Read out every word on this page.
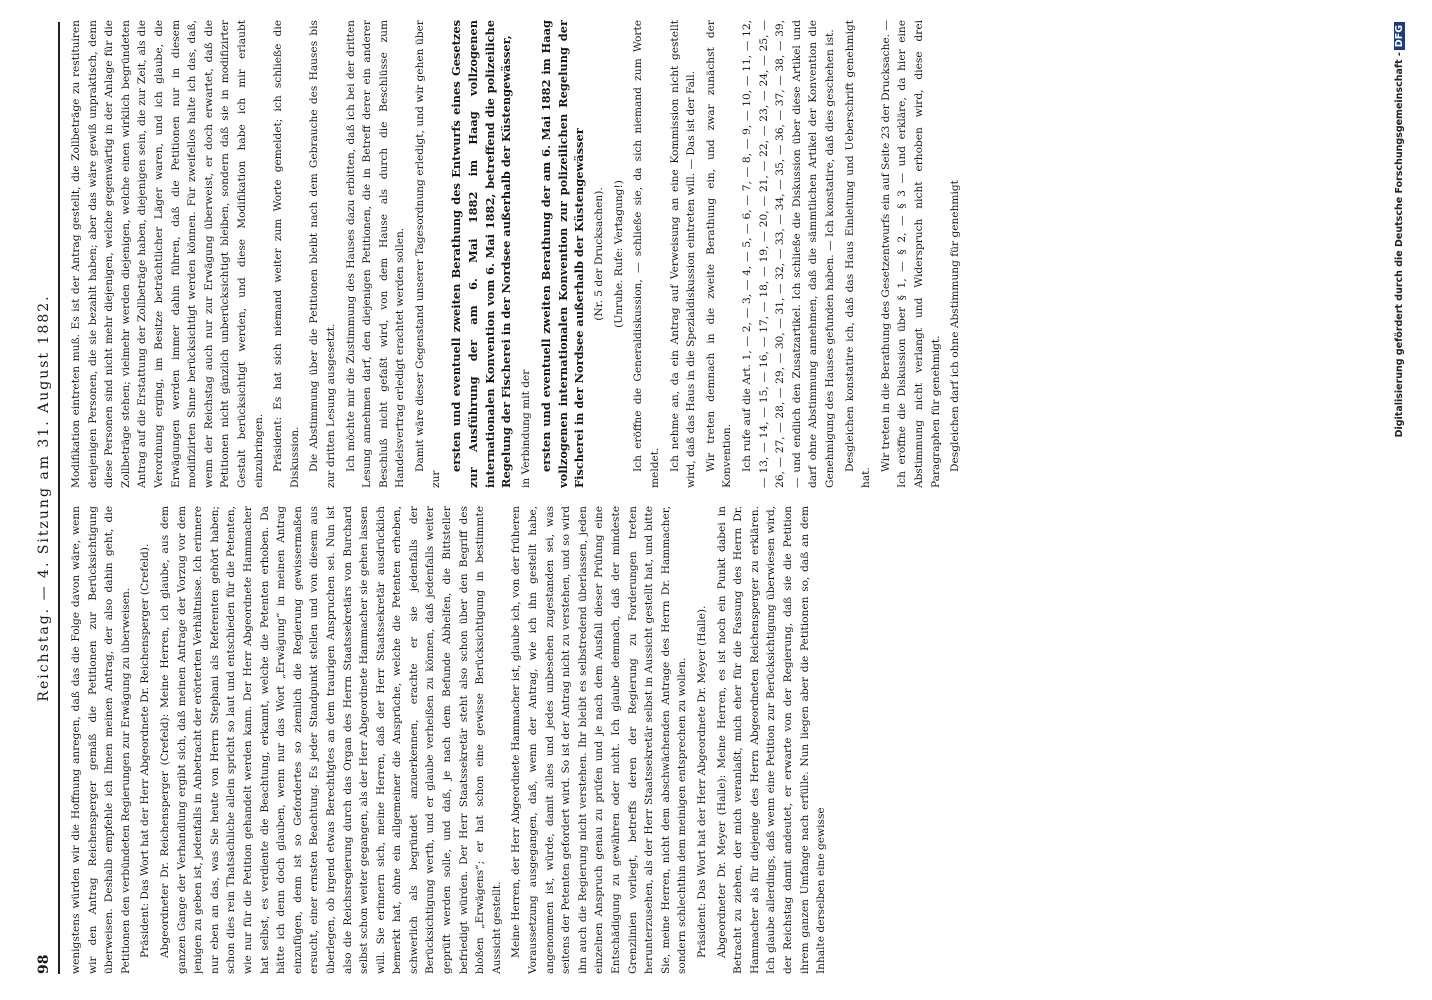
98
Reichstag. — 4. Sitzung am 31. August 1882.

wenigstens würden wir die Hoffnung anregen, daß das die Folge davon wäre, wenn wir den Antrag Reichensperger gemäß die Petitionen zur Berücksichtigung überweisen. Deshalb empfehle ich Ihnen meinen Antrag, der also dahin geht, die Petitionen den verbündeten Regierungen zur Erwägung zu überweisen. Präsident: Das Wort hat der Herr Abgeordnete Dr. Reichensperger (Crefeld). Abgeordneter Dr. Reichensperger (Crefeld): Meine Herren, ich glaube, aus dem ganzen Gange der Verhandlung ergibt sich, daß meinen Antrage der Vorzug vor dem jenigen zu geben ist, jedenfalls in Anbetracht der erörterten Verhältnisse. Ich erinnere nur eben an das, was Sie heute von Herrn Stephani als Referenten gehört haben; schon dies rein Thatsächliche allein spricht so laut und entschieden für die Petenten, wie nur für die Petition gehandelt werden kann. Der Herr Abgeordnete Hammacher hat selbst, es verdiente die Beachtung, erkannt, welche die Petenten erhoben. Da hätte ich denn doch glauben, wenn nur das Wort „Erwägung“ in meinen Antrag einzufügen, denn ist so Gefordertes so ziemlich die Regierung gewissermaßen ersucht, einer ernsten Beachtung. Es jeder Standpunkt stellen und von diesem aus überlegen, ob irgend etwas Berechtigtes an dem traurigen Anspruchen sei. Nun ist also die Reichsregierung durch das Organ des Herrn Staatssekretärs von Burchard selbst schon weiter gegangen, als der Herr Abgeordnete Hammacher sie gehen lassen will. Sie erinnern sich, meine Herren, daß der Herr Staatssekretär ausdrücklich bemerkt hat, ohne ein allgemeiner die Ansprüche, welche die Petenten erheben, schwerlich als begründet anzuerkennen, erachte er sie jedenfalls der Berücksichtigung werth, und er glaube verheißen zu können, daß jedenfalls weiter geprüft werden solle, und daß, je nach dem Befunde Abhelfen, die Bittsteller befriedigt würden. Der Herr Staatssekretär steht also schon über den Begriff des bloßen „Erwägens“; er hat schon eine gewisse Berücksichtigung in bestimmte Aussicht gestellt. Meine Herren, der Herr Abgeordnete Hammacher ist, glaube ich, von der früheren Voraussetzung ausgegangen, daß, wenn der Antrag, wie ich ihn gestellt habe, angenommen ist, würde, damit alles und jedes unbesehen zugestanden sei, was seitens der Petenten gefordert wird. So ist der Antrag nicht zu verstehen, und so wird ihn auch die Regierung nicht verstehen. Ihr bleibt es selbstredend überlassen, jeden einzelnen Anspruch genau zu prüfen und je nach dem Ausfall dieser Prüfung eine Entschädigung zu gewähren oder nicht. Ich glaube demnach, daß der mindeste Grenzlinien vorliegt, betreffs deren der Regierung zu Forderungen treten herunterzusehen, als der Herr Staatssekretär selbst in Aussicht gestellt hat, und bitte Sie, meine Herren, nicht dem abschwächenden Antrage des Herrn Dr. Hammacher, sondern schlechthin dem meinigen entsprechen zu wollen. Präsident: Das Wort hat der Herr Abgeordnete Dr. Meyer (Halle). Abgeordneter Dr. Meyer (Halle): Meine Herren, es ist noch ein Punkt dabei in Betracht zu ziehen, der mich veranlaßt, mich eher für die Fassung des Herrn Dr. Hammacher als für diejenige des Herrn Abgeordneten Reichensperger zu erklären. Ich glaube allerdings, daß wenn eine Petition zur Berücksichtigung überwiesen wird, der Reichstag damit andeutet, er erwarte von der Regierung, daß sie die Petition ihrem ganzen Umfange nach erfülle. Nun liegen aber die Petitionen so, daß an dem Inhalte derselben eine gewisse

Modifikation eintreten muß. Es ist der Antrag gestellt, die Zollbeträge zu restituiren denjenigen Personen, die sie bezahlt haben; aber das wäre gewiß unpraktisch, denn diese Personen sind nicht mehr diejenigen, welche gegenwärtig in der Anlage für die Zollbeträge stehen; vielmehr werden diejenigen, welche einen wirklich begründeten Antrag auf die Erstattung der Zollbeträge haben, diejenigen sein, die zur Zeit, als die Verordnung erging, im Besitze beträchtlicher Läger waren, und ich glaube, die Erwägungen werden immer dahin führen, daß die Petitionen nur in diesem modifizirten Sinne berücksichtigt werden können. Für zweifellos halte ich das, daß, wenn der Reichstag auch nur zur Erwägung überweist, er doch erwartet, daß die Petitionen nicht gänzlich unberücksichtigt bleiben, sondern daß sie in modifizirter Gestalt berücksichtigt werden, und diese Modifikation habe ich mir erlaubt einzubringen. Präsident: Es hat sich niemand weiter zum Worte gemeldet; ich schließe die Diskussion. Die Abstimmung über die Petitionen bleibt nach dem Gebrauche des Hauses bis zur dritten Lesung ausgesetzt. Ich möchte mir die Zustimmung des Hauses dazu erbitten, daß ich bei der dritten Lesung annehmen darf, den diejenigen Petitionen, die in Betreff derer ein anderer Beschluß nicht gefaßt wird, von dem Hause als durch die Beschlüsse zum Handelsvertrag erledigt erachtet werden sollen. Damit wäre dieser Gegenstand unserer Tagesordnung erledigt, und wir gehen über zur

ersten und eventuell zweiten Berathung des Entwurfs eines Gesetzes zur Ausführung der am 6. Mai 1882 im Haag vollzogenen internationalen Konvention vom 6. Mai 1882, betreffend die polizeiliche Regelung der Fischerei in der Nordsee außerhalb der Küstengewässer, in Verbindung mit der ersten und eventuell zweiten Berathung der am 6. Mai 1882 im Haag vollzogenen internationalen Konvention zur polizeilichen Regelung der Fischerei in der Nordsee außerhalb der Küstengewässer (Nr. 5 der Drucksachen). (Unruhe. Rufe: Vertagung!) Ich eröffne die Generaldiskussion, — schließe sie, da sich niemand zum Worte meldet. Ich nehme an, da ein Antrag auf Verweisung an eine Kommission nicht gestellt wird, daß das Haus in die Spezialdiskussion eintreten will. — Das ist der Fall. Wir treten demnach in die zweite Berathung ein, und zwar zunächst der Konvention. Ich rufe auf die Art. 1, — 2, — 3, — 4, — 5, — 6, — 7, — 8, — 9, — 10, — 11, — 12, — 13, — 14, — 15, — 16, — 17, — 18, — 19, — 20, — 21, — 22, — 23, — 24, — 25, — 26, — 27, — 28, — 29, — 30, — 31, — 32, — 33, — 34, — 35, — 36, — 37, — 38, — 39, — und endlich den Zusatzartikel. Ich schließe die Diskussion über diese Artikel und darf ohne Abstimmung annehmen, daß die sämmtlichen Artikel der Konvention die Genehmigung des Hauses gefunden haben. — Ich konstatire, daß dies geschehen ist. Desgleichen konstatire ich, daß das Haus Einleitung und Ueberschrift genehmigt hat.

Wir treten in die Berathung des Gesetzentwurfs ein auf Seite 23 der Drucksache. — Ich eröffne die Diskussion über § 1, — § 2, — § 3 — und erkläre, da hier eine Abstimmung nicht verlangt und Widerspruch nicht erhoben wird, diese drei Paragraphen für genehmigt. Desgleichen darf ich ohne Abstimmung für genehmigt	Digitalisierung gefördert durch die Deutsche Forschungsgemeinschaft -DFG
